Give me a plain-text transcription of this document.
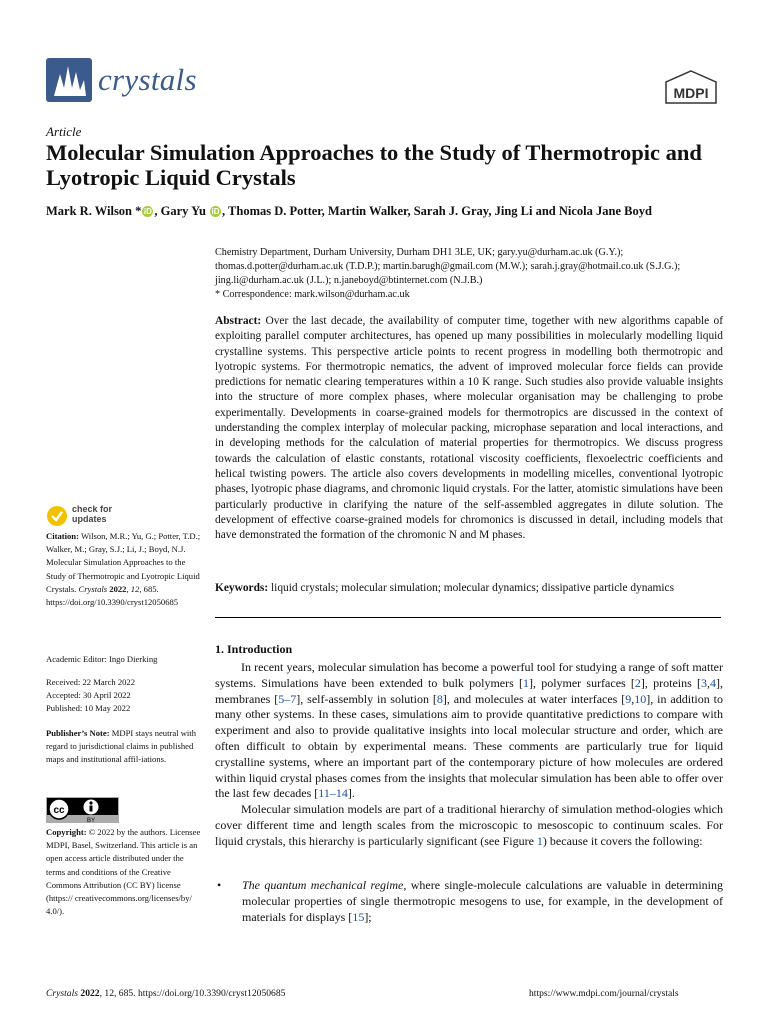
crystals	MDPI
Article
Molecular Simulation Approaches to the Study of Thermotropic and Lyotropic Liquid Crystals
Mark R. Wilson * iD , Gary Yu iD , Thomas D. Potter, Martin Walker, Sarah J. Gray, Jing Li and Nicola Jane Boyd
Chemistry Department, Durham University, Durham DH1 3LE, UK; gary.yu@durham.ac.uk (G.Y.);
thomas.d.potter@durham.ac.uk (T.D.P.); martin.barugh@gmail.com (M.W.); sarah.j.gray@hotmail.co.uk (S.J.G.);
jing.li@durham.ac.uk (J.L.); n.janeboyd@btinternet.com (N.J.B.)
* Correspondence: mark.wilson@durham.ac.uk
Abstract: Over the last decade, the availability of computer time, together with new algorithms capable of exploiting parallel computer architectures, has opened up many possibilities in molecularly modelling liquid crystalline systems. This perspective article points to recent progress in modelling both thermotropic and lyotropic systems. For thermotropic nematics, the advent of improved molecular force fields can provide predictions for nematic clearing temperatures within a 10 K range. Such studies also provide valuable insights into the structure of more complex phases, where molecular organisation may be challenging to probe experimentally. Developments in coarse-grained models for thermotropics are discussed in the context of understanding the complex interplay of molecular packing, microphase separation and local interactions, and in developing methods for the calculation of material properties for thermotropics. We discuss progress towards the calculation of elastic constants, rotational viscosity coefficients, flexoelectric coefficients and helical twisting powers. The article also covers developments in modelling micelles, conventional lyotropic phases, lyotropic phase diagrams, and chromonic liquid crystals. For the latter, atomistic simulations have been particularly productive in clarifying the nature of the self-assembled aggregates in dilute solution. The development of effective coarse-grained models for chromonics is discussed in detail, including models that have demonstrated the formation of the chromonic N and M phases.
Keywords: liquid crystals; molecular simulation; molecular dynamics; dissipative particle dynamics
1. Introduction

In recent years, molecular simulation has become a powerful tool for studying a range of soft matter systems. Simulations have been extended to bulk polymers [1], polymer surfaces [2], proteins [3,4], membranes [5–7], self-assembly in solution [8], and molecules at water interfaces [9,10], in addition to many other systems. In these cases, simulations aim to provide quantitative predictions to compare with experiment and also to provide qualitative insights into local molecular structure and order, which are often difficult to obtain by experimental means. These comments are particularly true for liquid crystalline systems, where an important part of the contemporary picture of how molecules are ordered within liquid crystal phases comes from the insights that molecular simulation has been able to offer over the last few decades [11–14].

Molecular simulation models are part of a traditional hierarchy of simulation method-ologies which cover different time and length scales from the microscopic to mesoscopic to continuum scales. For liquid crystals, this hierarchy is particularly significant (see Figure 1) because it covers the following:

• The quantum mechanical regime, where single-molecule calculations are valuable in determining molecular properties of single thermotropic mesogens to use, for example, in the development of materials for displays [15];
check for
updates
Citation: Wilson, M.R.; Yu, G.; Potter, T.D.; Walker, M.; Gray, S.J.; Li, J.; Boyd, N.J. Molecular Simulation Approaches to the Study of Thermotropic and Lyotropic Liquid Crystals. Crystals 2022, 12, 685. https://doi.org/10.3390/cryst12050685
Academic Editor: Ingo Dierking
Received: 22 March 2022
Accepted: 30 April 2022
Published: 10 May 2022
Publisher’s Note: MDPI stays neutral with regard to jurisdictional claims in published maps and institutional affil-iations.
cc
BY
Copyright: © 2022 by the authors. Licensee MDPI, Basel, Switzerland. This article is an open access article distributed under the terms and conditions of the Creative Commons Attribution (CC BY) license (https:// creativecommons.org/licenses/by/ 4.0/).
Crystals 2022, 12, 685. https://doi.org/10.3390/cryst12050685	https://www.mdpi.com/journal/crystals
